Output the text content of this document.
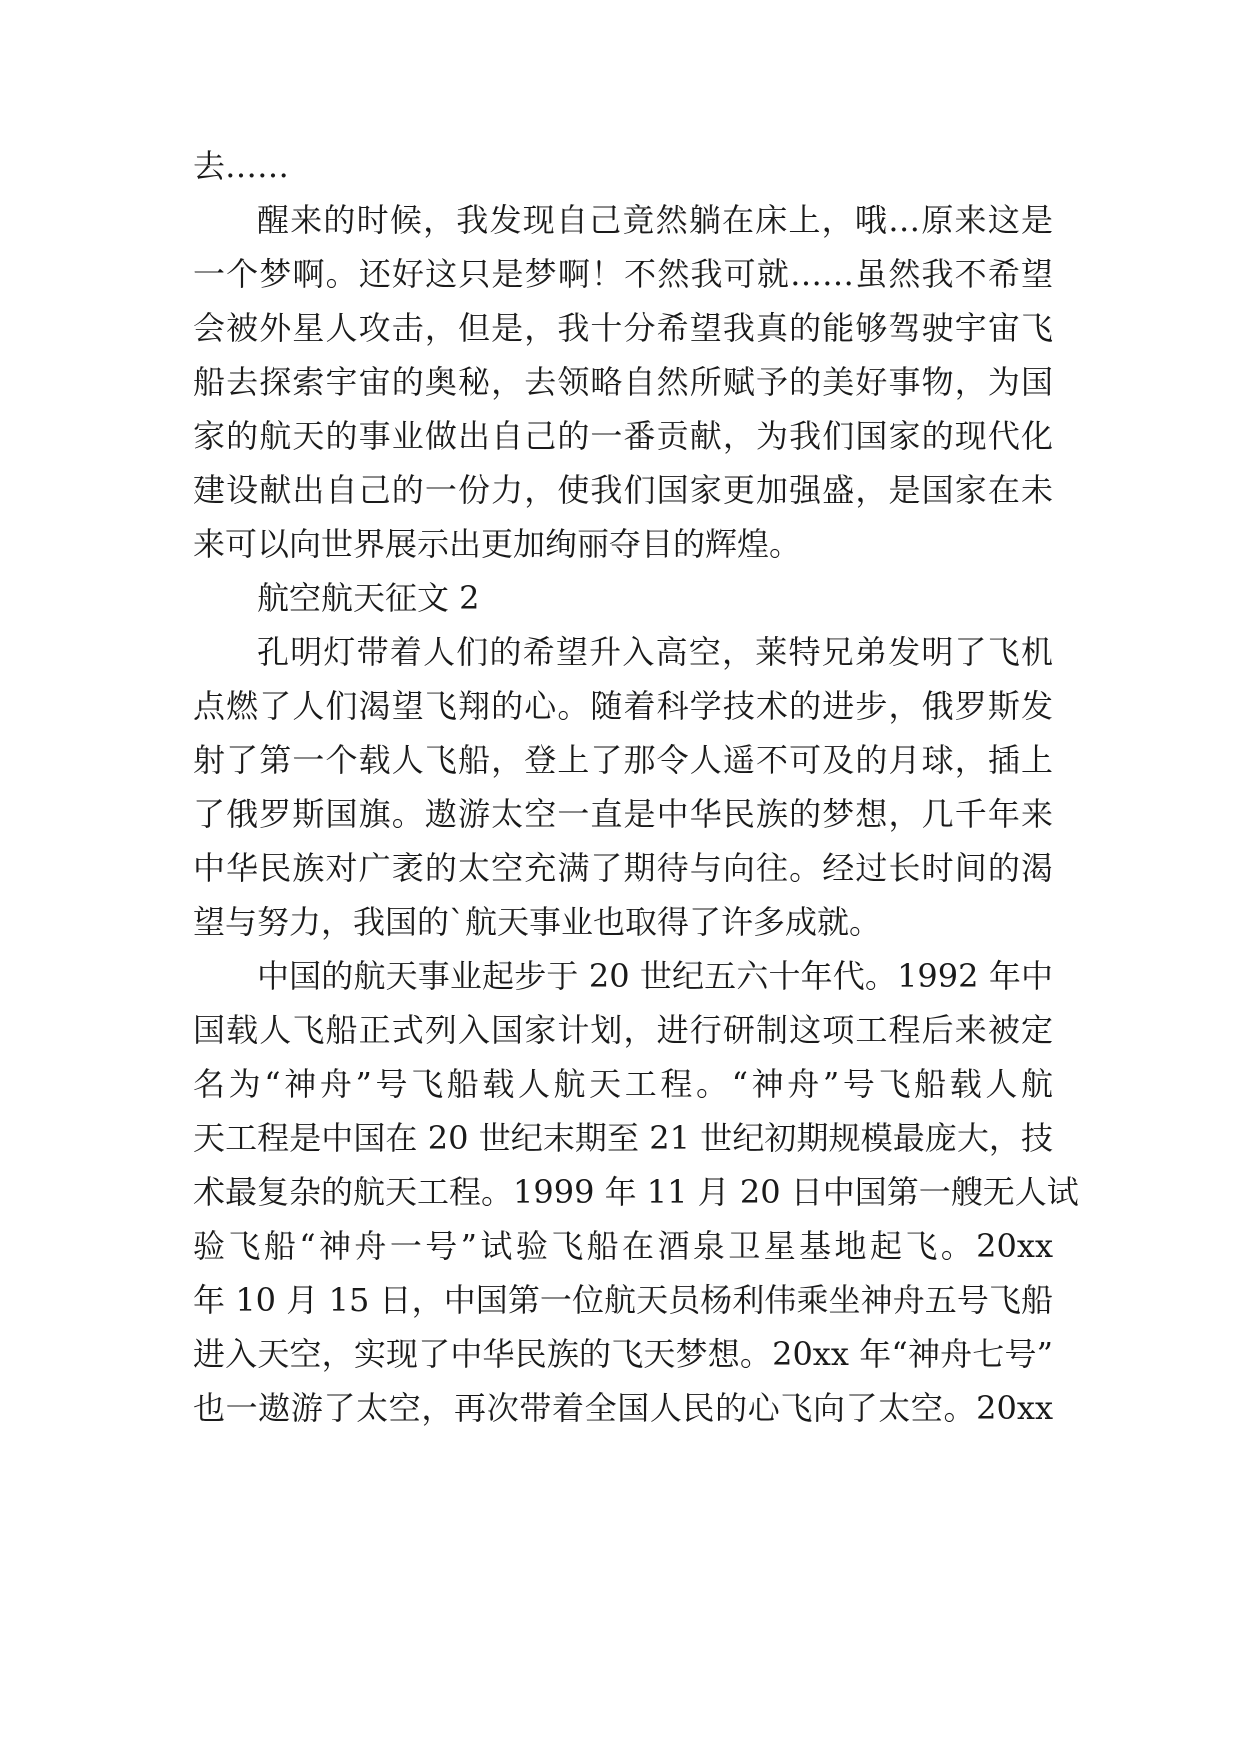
去……
醒来的时候，我发现自己竟然躺在床上，哦…原来这是
一个梦啊。还好这只是梦啊！不然我可就……虽然我不希望
会被外星人攻击，但是，我十分希望我真的能够驾驶宇宙飞
船去探索宇宙的奥秘，去领略自然所赋予的美好事物，为国
家的航天的事业做出自己的一番贡献，为我们国家的现代化
建设献出自己的一份力，使我们国家更加强盛，是国家在未
来可以向世界展示出更加绚丽夺目的辉煌。
航空航天征文 2
孔明灯带着人们的希望升入高空，莱特兄弟发明了飞机
点燃了人们渴望飞翔的心。随着科学技术的进步，俄罗斯发
射了第一个载人飞船，登上了那令人遥不可及的月球，插上
了俄罗斯国旗。遨游太空一直是中华民族的梦想，几千年来
中华民族对广袤的太空充满了期待与向往。经过长时间的渴
望与努力，我国的`航天事业也取得了许多成就。
中国的航天事业起步于 20 世纪五六十年代。1992 年中
国载人飞船正式列入国家计划，进行研制这项工程后来被定
名为“神舟”号飞船载人航天工程。“神舟”号飞船载人航
天工程是中国在 20 世纪末期至 21 世纪初期规模最庞大，技
术最复杂的航天工程。1999 年 11 月 20 日中国第一艘无人试
验飞船“神舟一号”试验飞船在酒泉卫星基地起飞。20xx
年 10 月 15 日，中国第一位航天员杨利伟乘坐神舟五号飞船
进入天空，实现了中华民族的飞天梦想。20xx 年“神舟七号”
也一遨游了太空，再次带着全国人民的心飞向了太空。20xx
